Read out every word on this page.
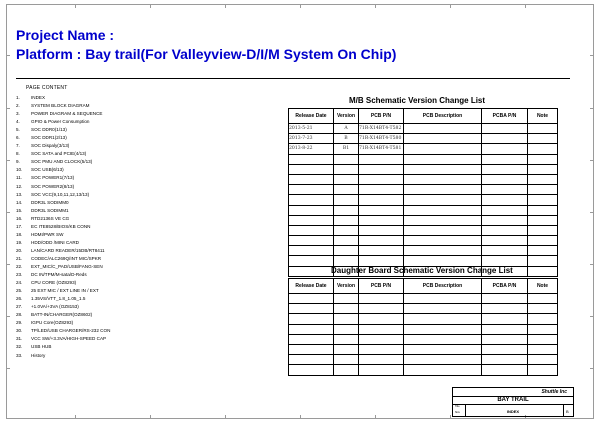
Project Name :
Platform : Bay trail(For Valleyview-D/I/M System On Chip)
PAGE CONTENT
1. INDEX
2. SYSTEM BLOCK DIAGRAM
3. POWER DIAGRAM & SEQUENCE
4. GPIO & Power Consumption
5. SOC DDR0(1/13)
6. SOC DDR1(2/13)
7. SOC Dispaly(3/13)
8. SOC SATA and PCIE(4/13)
9. SOC PMU AND CLOCK(5/13)
10. SOC USB(6/13)
11. SOC POWER1(7/13)
12. SOC POWER2(8/13)
13. SOC VCC(9,10,11,12,13/13)
14. DDR3L SODIMM0
15. DDR3L SODIMM1
16. RTD2136S VE CG
17. EC ITE8528/BIOS/KB CONN
18. HDMI/PWR SW
19. HDD/ODD /MINI CARD
20. LAN/CARD READER/15DB/RT8411
21. CODEC/ALC269Q/INT MIC/SPKR
22. EXT_MIC/C_PAD/USB/FANG-SEN
23. DC IN/TPM/M-sata/D-Reds
24. CPU CORE (OZ8293)
25. 25 EXT MIC / EXT LINE IN / EXT
26. 1.35VS/VTT_1.8_1.05_1.5
27. +1.0VA/+3VA (OZ8153)
28. BATT-IN/CHARGER(OZ8602)
29. IGPU Core(OZ8293)
30. TP/LED/USB CHARGER/RS-232 CON
31. VCC SW/+3.3VA/HIGH-SPEED CAP
32. USB HUB
33. History
M/B Schematic Version Change List
Release Date	Version	PCB P/N	PCB Description	PCBA P/N	Note
2013-5-21	A	71R-X14BT4-T582			
2013-7-23	B	71R-X14BT4-T580			
2013-8-22	B1	71R-X14BT4-T581			

Daughter Board Schematic Version Change List
Release Date	Version	PCB P/N	PCB Description	PCBA P/N	Note

Shuttle Inc
BAY TRAIL
Title
INDEX
Size	B
